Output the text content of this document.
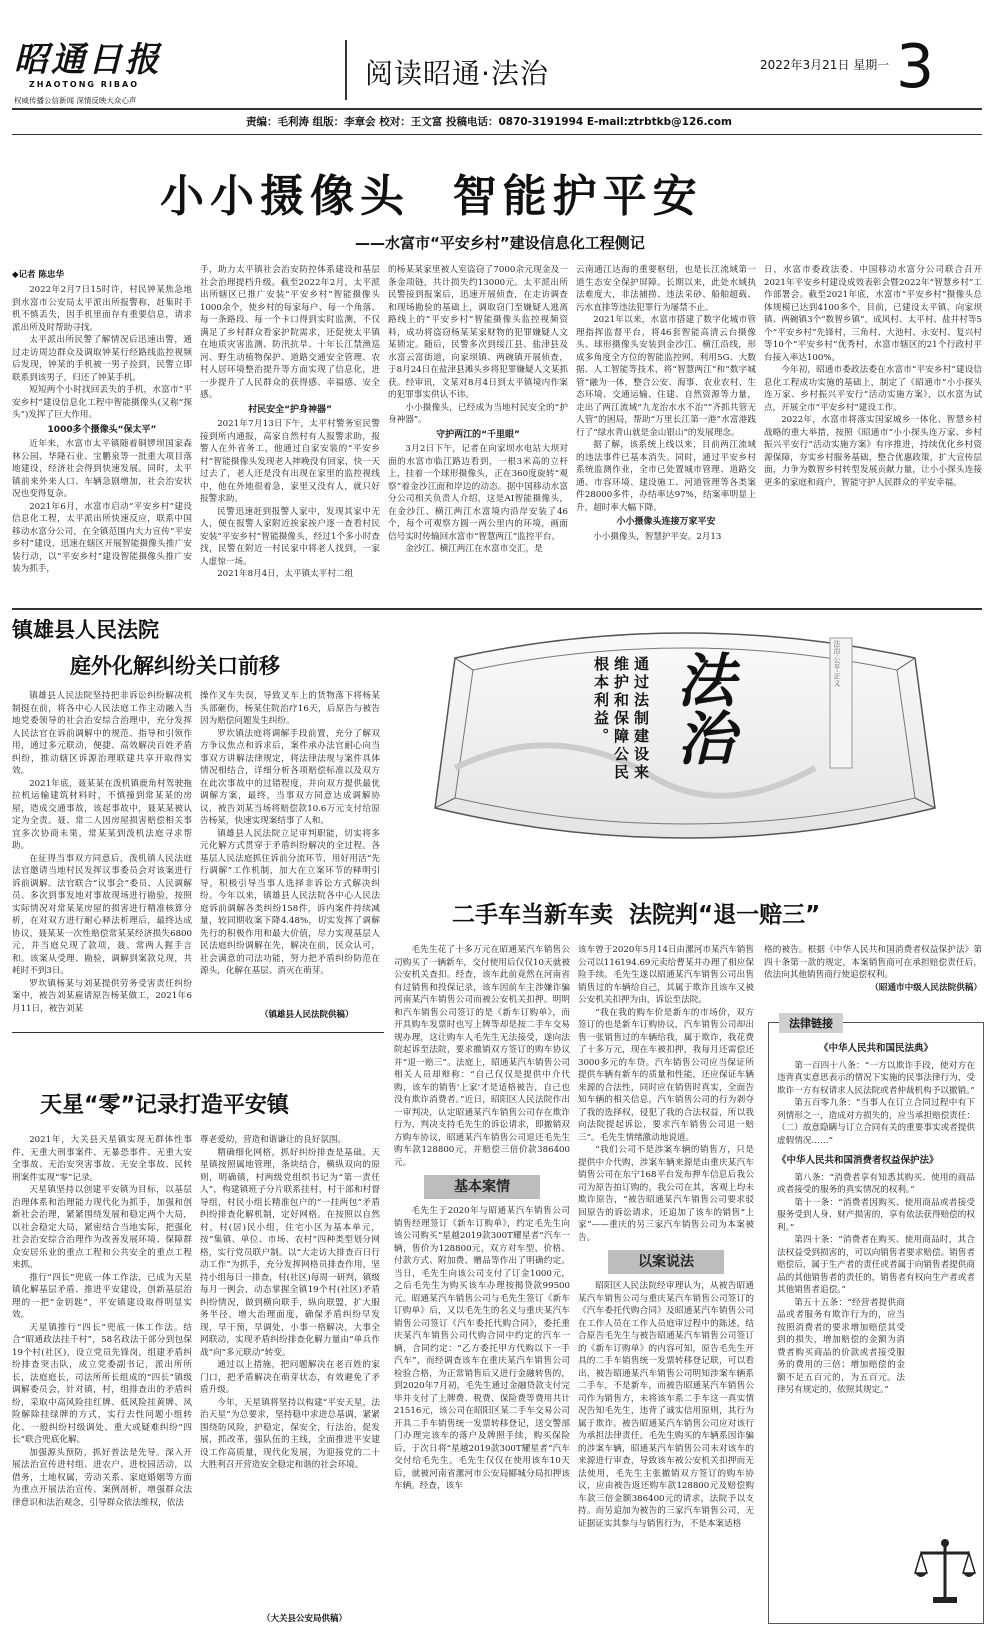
昭通日报
ZHAOTONG RIBAO
权威传播公信新闻 深情反映大众心声
阅读昭通·法治	2022年3月21日 星期一 3
责编：毛利涛 组版：李章会 校对：王文富 投稿电话：0870-3191994 E-mail:ztrbtkb@126.com
小小摄像头  智能护平安
——水富市“平安乡村”建设信息化工程侧记
◆记者 陈忠华

2022年2月7日15时许，村民钟某焦急地到水富市公安局太平派出所报警称，赶集时手机不慎丢失，因手机里面存有重要信息，请求派出所及时帮助寻找。

太平派出所民警了解情况后迅速出警，通过走访周边群众及调取钟某行经路线监控视频后发现，钟某的手机被一男子捡到，民警立即联系到该男子，归还了钟某手机。

短短两个小时找回丢失的手机，水富市“平安乡村”建设信息化工程中智能摄像头(又称“探头”)发挥了巨大作用。

1000多个摄像头“保太平”

近年来，水富市太平镇随着铜锣坝国家森林公园、华隆石业、宝鹏泉等一批重大项目落地建设，经济社会得到快速发展。同时，太平镇前来外来人口、车辆急剧增加，社会治安状况也变得复杂。

2021年6月，水富市启动“平安乡村”建设信息化工程，太平派出所快速反应，联系中国移动水富分公司，在全镇范围内大力宣传“平安乡村”建设，迅速在辖区开展智能摄像头推广安装行动，以“平安乡村”建设智能摄像头推广安装为抓手，

手，助力太平镇社会治安防控体系建设和基层社会治理提档升级。截至2022年2月，太平派出所辖区已推广安装“平安乡村”智能摄像头1000余个，使乡村的每家每户、每一个角落、每一条路段、每一个卡口得到实时监测，不仅满足了乡村群众看家护院需求，还促使太平镇在地质灾害监测、防汛抗旱、十年长江禁渔巡河、野生动植物保护、道路交通安全管理、农村人居环境整治提升等方面实现了信息化，进一步提升了人民群众的获得感、幸福感、安全感。

村民安全“护身神器”

2021年7月13日下午，太平村警务室民警接到所内通报，高家自然村有人报警求助，报警人在外省务工，他通过自家安装的“平安乡村”智能摄像头发现老人摔晚没有回家，快一天过去了，老人还是没有出现在家里的监控视线中，他在外地很着急，家里又没有人，就只好报警求助。

民警迅速赶到报警人家中，发现其家中无人，便在报警人家附近挨家挨户逐一查看村民安装“平安乡村”智能摄像头，经过1个多小时查找，民警在附近一村民家中将老人找到，一家人虚惊一场。

2021年8月4日，太平镇太平村二组

的杨某某家里被人室盗窃了7000余元现金及一条金项链，共计损失约13000元。太平派出所民警接到报案后，迅速开展侦查，在走访调查和现场勘验的基础上，调取窃门至嫌疑人逃离路线上的“平安乡村”智能摄像头监控视频资料，成功将盗窃杨某某家财物的犯罪嫌疑人文某锁定。随后，民警多次到绥江县、盐津县及水富云富街道，向家坝镇、两碗镇开展侦查，于8月24日在盐津县滩头乡将犯罪嫌疑人文某抓获。经审讯，文某对8月4日到太平镇境内作案的犯罪事实供认不讳。

小小摄像头，已经成为当地村民安全的“护身神器”。

守护两江的“千里眼”

3月2日下午，记者在向家坝水电站大坝对面的水富市临江路边看到，一根3米高的立杆上，挂着一个球形摄像头，正在360度旋转“观察”着金沙江面和岸边的动态。据中国移动水富分公司相关负责人介绍，这是AI智能摄像头，在金沙江、横江两江水富境内沿岸安装了46个，每个可观察方圆一两公里内的环境，画面信号实时传输回水富市“智慧两江”监控平台。

金沙江、横江两江在水富市交汇，是

云南通江达海的重要枢纽，也是长江流域第一道生态安全保护屏障。长期以来，此处水域执法难度大，非法捕捞、违法采砂、船舶超载、污水直排等违法犯罪行为屡禁不止。

2021年以来，水富市搭建了数字化城市管理指挥监督平台，将46套智能高清云台摄像头、球形摄像头安装到金沙江、横江沿线，形成多角度全方位的智能监控网，利用5G、大数据、人工智能等技术，将“智慧两江”和“数字城管”融为一体，整合公安、海事、农业农村、生态环境、交通运输、住建、自然资源等力量，走出了两江流域“九龙治水水不治”“齐抓共管无人管”的困局，帮助“万里长江第一港”水富港践行了“绿水青山就是金山银山”的发展理念。

据了解，该系统上线以来，目前两江流域的违法事件已基本消失。同时，通过平安乡村系统监测作业，全市已处置城市管理、道路交通、市容环境、建设施工、河道管理等各类案件28000多件，办结率达97%，结案率明显上升，超时率大幅下降。

小小摄像头连接万家平安

小小摄像头，智慧护平安。2月13

日，水富市委政法委、中国移动水富分公司联合召开2021年平安乡村建设成效表彰会暨2022年“智慧乡村”工作部署会。截至2021年底，水富市“平安乡村”摄像头总体规模已达到4100多个，目前，已建设太平镇、向家坝镇、两碗镇3个“数智乡镇”，成风村、太平村、盐井村等5个“平安乡村”先锋村，三角村、大池村、永安村、复兴村等10个“平安乡村”优秀村，水富市辖区的21个行政村平台接入率达100%。

今年初，昭通市委政法委在水富市“平安乡村”建设信息化工程成功实施的基础上，制定了《昭通市“小小探头连万家、乡村振兴平安行”活动实施方案》，以水富为试点，开展全市“平安乡村”建设工作。

2022年，水富市将落实国家城乡一体化、智慧乡村战略的重大举措，按照《昭通市“小小探头连万家、乡村振兴平安行”活动实施方案》有序推进，持续优化乡村资源保障，夯实乡村服务基础，整合优惠政策，扩大宣传层面，力争为数智乡村转型发展贡献力量，让小小探头连接更多的家庭和商户，智能守护人民群众的平安幸福。

镇雄县人民法院
庭外化解纠纷关口前移

镇雄县人民法院坚持把非诉讼纠纷解决机制挺在前，将各中心人民法庭工作主动融入当地党委领导的社会治安综合治理中，充分发挥人民法官在诉前调解中的规范、指导和引领作用，通过多元联动，便捷、高效解决百姓矛盾纠纷，推动辖区诉源治理联建共享开取得实效。

2021年底，聂某某在泼机镇鹿角村驾驶拖拉机运输建筑材料时，不慎撞到常某某的房屋，造成交通事故，该起事故中，聂某某被认定为全责。聂、常二人因房屋损害赔偿相关事宜多次协商未果，常某某到泼机法庭寻求帮助。

在征得当事双方同意后，泼机镇人民法庭法官邀请当地村民发挥议事委员会对该案进行诉前调解。法官联合“议事会”委员、人民调解员、多次到事发地对事故现场进行勘验，按照实际情况对常某某房屋的损害进行精准核算分析，在对双方进行耐心释法析理后，最终达成协议，聂某某一次性赔偿常某某经济损失6800元，并当庭兑现了款项，聂、常两人握手言和。该案从受理、勘验，调解到案款兑现，共耗时不到3日。

罗坎镇杨某与刘某提供劳务受害责任纠纷案中，被告刘某雇请原告杨某做工，2021年6月11日，被告刘某

操作叉车失误，导致叉车上的货物落下将杨某头部砸伤，杨某住院治疗16天，后原告与被告因为赔偿问题发生纠纷。

罗坎镇法庭将调解手段前置，充分了解双方争议焦点和诉求后，案件承办法官耐心向当事双方讲解法律规定，将法律法规与案件具体情况相结合，详细分析各项赔偿标准以及双方在此次事故中的过错程度，并向双方提供最优调解方案，最终，当事双方同意达成调解协议，被告刘某当场将赔偿款10.6万元支付给原告杨某，快速实现案结事了人和。

镇雄县人民法院立足审判职能，切实将多元化解方式贯穿于矛盾纠纷解决的全过程。各基层人民法庭抓住诉前分流环节，用好用活“先行调解”工作机制，加大在立案环节的释明引导，积极引导当事人选择非诉讼方式解决纠纷。今年以来，镇雄县人民法院各中心人民法庭诉前调解各类纠纷158件，诉内案件持续减量，较同期收案下降4.48%，切实发挥了调解先行的积极作用和最大价值，尽力实现基层人民法庭纠纷调解在先，解决在前，民众认可，社会满意的司法功能，努力把矛盾纠纷防范在源头，化解在基层、消灭在萌芽。

（镇雄县人民法院供稿）
通过法制建设来
维护和保障公民
根本利益。 法治	法治·公平·正义
天星“零”记录打造平安镇

2021年，大关县天星镇实现无群体性事件、无重大刑事案件、无暴恐事件、无重大安全事故、无治安突害事故、无安全事故、民转刑案件实现“零”记录。

天星镇坚持以创建平安镇为目标，以基层治理体系和治理能力现代化为抓手，加强和创新社会治理，紧紧围绕发展和稳定两个大局，以社会稳定大局，紧密结合当地实际，把强化社会治安综合治理作为改善发展环境、保障群众安居乐业的重点工程和公共安全的重点工程来抓。

推行“四长”兜底一体工作法，已成为天星镇化解基层矛盾、推进平安建设，创新基层治理的一把“金钥匙”，平安镇建设取得明显实效。

天星镇推行“四长”兜底一体工作法。结合“昭通政法挂千村”，58名政法干部分到包保19个村(社区)，设立党员先锋岗，组建矛盾纠纷排查突击队，成立党委副书记，派出所所长，法庭庭长，司法所所长组成的“四长”镇级调解委员会，针对镇，村，组排查出的矛盾纠纷，采取中高风险挂红牌、低风险挂黄牌、风险解除挂绿牌的方式，实行去性问题小组转化、一般纠纷村级调处、重大或疑难纠纷“四长”联合兜底化解。

加强源头预防，抓好普法是先导。深入开展法治宣传进村组、进农户、进校园活动，以借务，土地权属，劳动关系、家庭婚姻等方面为重点开展法治宣传、案例剖析，增强群众法律意识和法治观念，引导群众依法维权，依法

尊老爱幼，营造和谐谦让的良好氛围。

精确细化网格，抓好纠纷排查是基础。天星镇按照属地管理，条块结合，横纵双向的原则，明确镇，村两级党组织书记为“第一责任人”，构建镇班子分片联系挂村，村干部和村督导组，村民小组长精准包户的“一挂两包”矛盾纠纷排查化解机制，定好网格。在按照以自然村，村(居)民小组，住宅小区为基本单元，按“集镇、单位、市场、农村”四种类型划分网格，实行党员联户制。以“大走访大排查百日行动工作”为抓手，充分发挥网格员排查作用，坚持小组每日一排查，村(社区)每周一研判，镇级每月一例会，动态掌握全镇19个村(社区)矛盾纠纷情况，做到横向联手，纵向联盟，扩大服务半径，增大治理面度，确保矛盾纠纷早发现，早干预，早调处，小事一格解决，大事全网联动，实现矛盾纠纷排查化解力量由“单兵作战”向“多元联动”转变。

通过以上措施，把问题解决在老百姓的家门口，把矛盾解决在萌芽状态，有效避免了矛盾升级。

今年，天星镇将坚持以构建“平安天星，法治天星”为总要求，坚持稳中求进总基调，紧紧围绕防风险，护稳定，保安全，行法治，促发展，抓改革，强队伍的主线，全面推进平安建设工作高质量，现代化发展，为迎接党的二十大胜利召开营造安全稳定和谐的社会环境。

（大关县公安局供稿）
二手车当新车卖  法院判“退一赔三”

毛先生花了十多万元在昭通某汽车销售公司购买了一辆新车，交付使用后仅仅10天就被公安机关查扣。经查，该车此前竟然在河南省有过销售和投保记录，该车因前车主涉嫌诈骗河南某汽车销售公司而被公安机关扣押。明明和汽车销售公司签订的是《新车订购单》，而开具购车发票时也写上牌等却是按二手车交易规办理，这让购车人毛先生无法接受，遂向法院起诉至法院，要求撤销双方签订的购车协议并“退一赔三”。法庭上，昭通某汽车销售公司相关人员却辩称：“自己仅仅是提供中介代购，该车的销售'上家'才是适格被告，自己也没有欺诈消费者。”近日，昭阳区人民法院作出一审判决，认定昭通某汽车销售公司存在欺诈行为，判决支持毛先生的诉讼请求，即撤销双方购车协议，昭通某汽车销售公司退还毛先生购车款128800元，并赔偿三倍价款386400元。

基本案情

毛先生于2020年与昭通某汽车销售公司销售经理签订《新车订购单》，约定毛先生向该公司购买“星越2019款300T耀星者”汽车一辆，售价为128800元，双方对车型、价格、付款方式、附加费、赠品等作出了明确约定。当日，毛先生向该公司支付了订金1000元，之后毛先生为购买该车办理按揭贷款99500元。昭通某汽车销售公司与毛先生签订《新车订购单》后，又以毛先生的名义与重庆某汽车销售公司签订《汽车委托代购合同》，委托重庆某汽车销售公司代购合同中约定的汽车一辆，合同约定：“乙方委托甲方代购以下一手汽车”，而经调查该车在重庆某汽车销售公司检验合格，为正常销售后又进行金融转售的，到2020年7月初，毛先生通过金融贷款支付完毕并支付了上牌费、税费、保险费等费用共计21516元，该公司在昭阳区某二手车交易公司开具二手车销售统一发票转移登记，送交警部门办理完该车的落户及牌照手续，购买保险后，于次日将“星越2019款300T耀星者”汽车交付给毛先生。毛先生仅仅在使用该车10天后，就被河南省漯河市公安局郾城分局扣押该车辆。经查，该车

该车曾于2020年5月14日由漯河市某汽车销售公司以116194.69元卖给曹某并办理了相应保险手续。毛先生遂以昭通某汽车销售公司出售销售过的车辆给自己，其属于欺诈且该车又被公安机关扣押为由，诉讼至法院。

“我在我的购车价是新车的市场价，双方签订的也是新车订购协议，汽车销售公司却出售一张销售过的车辆给我，属于欺诈，我花费了十多万元，现在车被扣押，我每月还需偿还3000多元的车贷。汽车销售公司应当保证所提供车辆有新车的质量和性能，还应保证车辆来源的合法性，同时应在销售时真实，全面告知车辆的相关信息，汽车销售公司的行为剥夺了我的选择权，侵犯了我的合法权益，所以我向法院提起诉讼，要求汽车销售公司退一赔三”。毛先生情绪激动地说道。

“我们公司不是涉案车辆的销售方，只是提供中介代购，涉案车辆来源是由重庆某汽车销售公司在东宁168平台发布押车信息后我公司为原告拍订购的，我公司在其，客观上均未欺诈原告，“被告昭通某汽车销售公司要求驳回原告的诉讼请求，还追加了该车的销售“上家”——重庆的另三家汽车销售公司为本案被告。

以案说法

昭阳区人民法院经审理认为，从被告昭通某汽车销售公司与重庆某汽车销售公司签订的《汽车委托代购合同》及昭通某汽车销售公司在工作人员在工作人员庭审过程中的陈述，结合原告毛先生与被告昭通某汽车销售公司签订的《新车订购单》的内容可知，原告毛先生开具的二手车销售统一发票转移登记联，可以看出，被告昭通某汽车销售公司明知涉案车辆系二手车，不是新车，而被告昭通某汽车销售公司作为销售方，未将该车系二手车这一真实情况告知毛先生，违背了诚实信用原则，其行为属于欺诈。被告昭通某汽车销售公司应对该行为承担法律责任。毛先生购买的车辆系因诈骗的涉案车辆，昭通某汽车销售公司未对该车的来源进行审查，导致该车被公安机关扣押而无法使用，毛先生主张撤销双方签订的购车协议，应由被告返还购车款128800元及赔偿购车款三倍金额386400元的请求，法院予以支持。而另追加为被告的三家汽车销售公司，无证据证实其参与与销售行为，不是本案适格

格的被告。根据《中华人民共和国消费者权益保护法》第四十条第一款的规定，本案销售商可在承担赔偿责任后，依法向其他销售商行使追偿权利。

（昭通市中级人民法院供稿）
法律链接
《中华人民共和国民法典》

第一百四十八条：“一方以欺诈手段，使对方在违背真实意思表示的情况下实施的民事法律行为，受欺诈一方有权请求人民法院或者仲裁机构予以撤销。”

第五百零九条：“当事人在订立合同过程中有下列情形之一，造成对方损失的，应当承担赔偿责任：（二）故意隐瞒与订立合同有关的重要事实或者提供虚假情况……”

《中华人民共和国消费者权益保护法》

第八条：“消费者享有知悉其购买、使用的商品或者接受的服务的真实情况的权利。”

第十一条：“消费者因购买、使用商品或者接受服务受到人身、财产损害的，享有依法获得赔偿的权利。”

第四十条：“消费者在购买、使用商品时，其合法权益受到损害的，可以向销售者要求赔偿。销售者赔偿后，属于生产者的责任或者属于向销售者提供商品的其他销售者的责任的，销售者有权向生产者或者其他销售者追偿。”

第五十五条：“经营者提供商品或者服务有欺诈行为的，应当按照消费者的要求增加赔偿其受到的损失，增加赔偿的金额为消费者购买商品的价款或者接受服务的费用的三倍；增加赔偿的金额不足五百元的，为五百元。法律另有规定的，依照其规定。”
